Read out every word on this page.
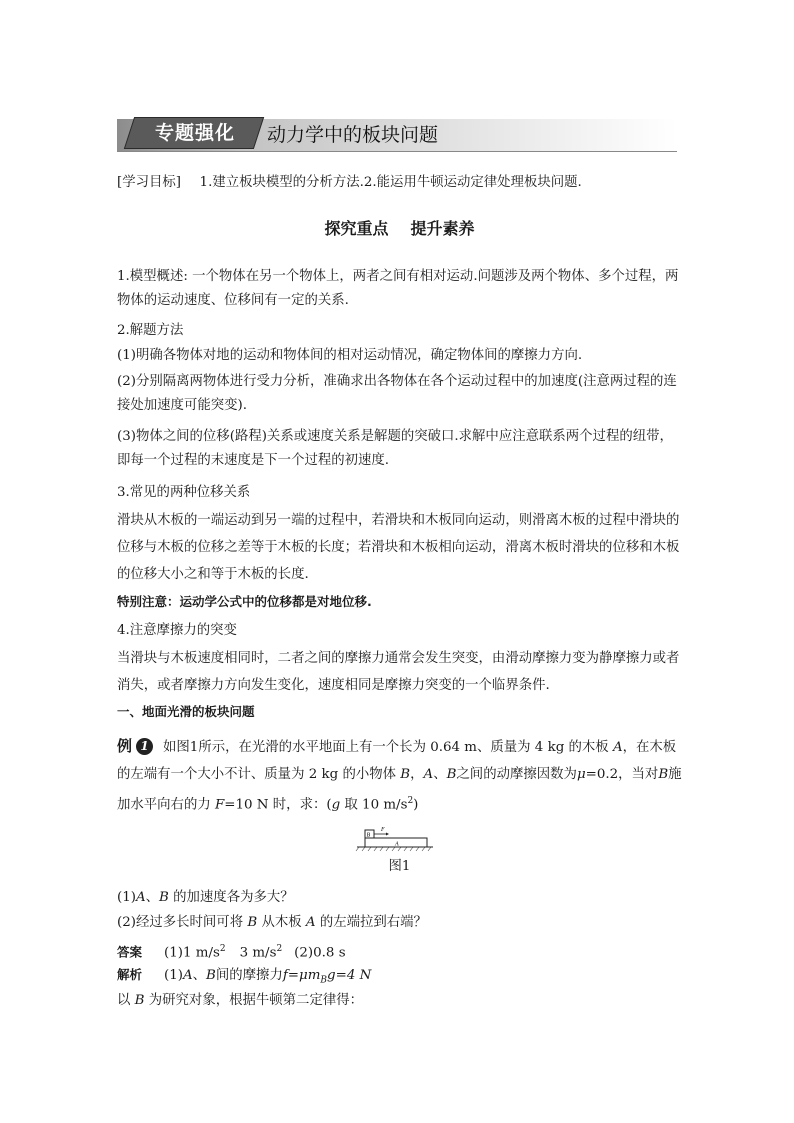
专题强化	动力学中的板块问题
[学习目标] 1.建立板块模型的分析方法.2.能运用牛顿运动定律处理板块问题.
探究重点 提升素养
1.模型概述: 一个物体在另一个物体上，两者之间有相对运动.问题涉及两个物体、多个过程，两物体的运动速度、位移间有一定的关系.
2.解题方法
(1)明确各物体对地的运动和物体间的相对运动情况，确定物体间的摩擦力方向.
(2)分别隔离两物体进行受力分析，准确求出各物体在各个运动过程中的加速度(注意两过程的连接处加速度可能突变).
(3)物体之间的位移(路程)关系或速度关系是解题的突破口.求解中应注意联系两个过程的纽带，即每一个过程的末速度是下一个过程的初速度.
3.常见的两种位移关系
滑块从木板的一端运动到另一端的过程中，若滑块和木板同向运动，则滑离木板的过程中滑块的位移与木板的位移之差等于木板的长度；若滑块和木板相向运动，滑离木板时滑块的位移和木板的位移大小之和等于木板的长度.
特别注意：运动学公式中的位移都是对地位移.
4.注意摩擦力的突变
当滑块与木板速度相同时，二者之间的摩擦力通常会发生突变，由滑动摩擦力变为静摩擦力或者消失，或者摩擦力方向发生变化，速度相同是摩擦力突变的一个临界条件.
一、地面光滑的板块问题
例 1 如图1所示，在光滑的水平地面上有一个长为 0.64 m、质量为 4 kg 的木板 A，在木板的左端有一个大小不计、质量为 2 kg 的小物体 B，A、B之间的动摩擦因数为μ=0.2，当对B施加水平向右的力 F=10 N 时，求：(g 取 10 $m/s^2$)
B
A
F
图1
(1)A、B 的加速度各为多大？
(2)经过多长时间可将 B 从木板 A 的左端拉到右端？
答案 (1)1 $m/s^2$ 3 $m/s^2$ (2)0.8 s
解析 (1)A、B间的摩擦力$f=\mu m_Bg=4$ N
以 B 为研究对象，根据牛顿第二定律得：
